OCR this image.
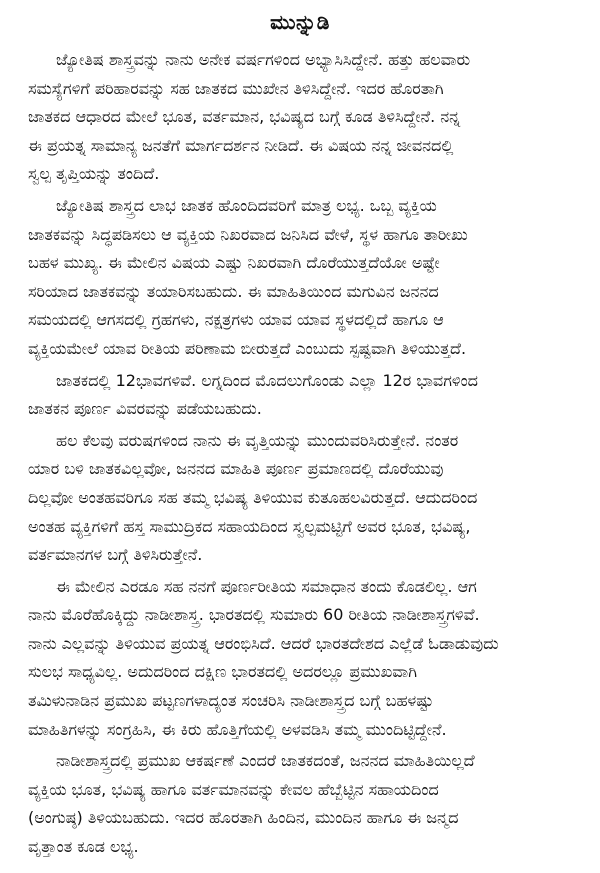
ಮುನ್ನುಡಿ
ಜ್ಯೋತಿಷ ಶಾಸ್ತ್ರವನ್ನು ನಾನು ಅನೇಕ ವರ್ಷಗಳಿಂದ ಅಭ್ಯಾಸಿಸಿದ್ದೇನೆ. ಹತ್ತು ಹಲವಾರು
ಸಮಸ್ಯೆಗಳಿಗೆ ಪರಿಹಾರವನ್ನು ಸಹ ಜಾತಕದ ಮುಖೇನ ತಿಳಿಸಿದ್ದೇನೆ. ಇದರ ಹೊರತಾಗಿ
ಜಾತಕದ ಆಧಾರದ ಮೇಲೆ ಭೂತ, ವರ್ತಮಾನ, ಭವಿಷ್ಯದ ಬಗ್ಗೆ ಕೂಡ ತಿಳಿಸಿದ್ದೇನೆ. ನನ್ನ
ಈ ಪ್ರಯತ್ನ ಸಾಮಾನ್ಯ ಜನತೆಗೆ ಮಾರ್ಗದರ್ಶನ ನೀಡಿದೆ. ಈ ವಿಷಯ ನನ್ನ ಜೀವನದಲ್ಲಿ
ಸ್ವಲ್ಪ ತೃಪ್ತಿಯನ್ನು ತಂದಿದೆ.
ಜ್ಯೋತಿಷ ಶಾಸ್ತ್ರದ ಲಾಭ ಜಾತಕ ಹೊಂದಿದವರಿಗೆ ಮಾತ್ರ ಲಭ್ಯ. ಒಬ್ಬ ವ್ಯಕ್ತಿಯ
ಜಾತಕವನ್ನು ಸಿದ್ಧಪಡಿಸಲು ಆ ವ್ಯಕ್ತಿಯ ನಿಖರವಾದ ಜನಿಸಿದ ವೇಳೆ, ಸ್ಥಳ ಹಾಗೂ ತಾರೀಖು
ಬಹಳ ಮುಖ್ಯ. ಈ ಮೇಲಿನ ವಿಷಯ ಎಷ್ಟು ನಿಖರವಾಗಿ ದೊರೆಯುತ್ತದೆಯೋ ಅಷ್ಟೇ
ಸರಿಯಾದ ಜಾತಕವನ್ನು ತಯಾರಿಸಬಹುದು. ಈ ಮಾಹಿತಿಯಿಂದ ಮಗುವಿನ ಜನನದ
ಸಮಯದಲ್ಲಿ ಆಗಸದಲ್ಲಿ ಗ್ರಹಗಳು, ನಕ್ಷತ್ರಗಳು ಯಾವ ಯಾವ ಸ್ಥಳದಲ್ಲಿದೆ ಹಾಗೂ ಆ
ವ್ಯಕ್ತಿಯಮೇಲೆ ಯಾವ ರೀತಿಯ ಪರಿಣಾಮ ಬೀರುತ್ತದೆ ಎಂಬುದು ಸ್ಪಷ್ಟವಾಗಿ ತಿಳಿಯುತ್ತದೆ.
ಜಾತಕದಲ್ಲಿ 12ಭಾವಗಳಿವೆ. ಲಗ್ನದಿಂದ ಮೊದಲುಗೊಂಡು ಎಲ್ಲಾ 12ರ ಭಾವಗಳಿಂದ
ಜಾತಕನ ಪೂರ್ಣ ವಿವರವನ್ನು ಪಡೆಯಬಹುದು.
ಹಲ ಕೆಲವು ವರುಷಗಳಿಂದ ನಾನು ಈ ವೃತ್ತಿಯನ್ನು ಮುಂದುವರಿಸಿರುತ್ತೇನೆ. ನಂತರ
ಯಾರ ಬಳಿ ಜಾತಕವಿಲ್ಲವೋ, ಜನನದ ಮಾಹಿತಿ ಪೂರ್ಣ ಪ್ರಮಾಣದಲ್ಲಿ ದೊರೆಯುವು
ದಿಲ್ಲವೋ ಅಂತಹವರಿಗೂ ಸಹ ತಮ್ಮ ಭವಿಷ್ಯ ತಿಳಿಯುವ ಕುತೂಹಲವಿರುತ್ತದೆ. ಆದುದರಿಂದ
ಅಂತಹ ವ್ಯಕ್ತಿಗಳಿಗೆ ಹಸ್ತ ಸಾಮುದ್ರಿಕದ ಸಹಾಯದಿಂದ ಸ್ವಲ್ಪಮಟ್ಟಿಗೆ ಅವರ ಭೂತ, ಭವಿಷ್ಯ,
ವರ್ತಮಾನಗಳ ಬಗ್ಗೆ ತಿಳಿಸಿರುತ್ತೇನೆ.
ಈ ಮೇಲಿನ ಎರಡೂ ಸಹ ನನಗೆ ಪೂರ್ಣರೀತಿಯ ಸಮಾಧಾನ ತಂದು ಕೊಡಲಿಲ್ಲ. ಆಗ
ನಾನು ಮೊರೆಹೊಕ್ಕಿದ್ದು ನಾಡೀಶಾಸ್ತ್ರ. ಭಾರತದಲ್ಲಿ ಸುಮಾರು 60 ರೀತಿಯ ನಾಡೀಶಾಸ್ತ್ರಗಳಿವೆ.
ನಾನು ಎಲ್ಲವನ್ನು ತಿಳಿಯುವ ಪ್ರಯತ್ನ ಆರಂಭಿಸಿದೆ. ಆದರೆ ಭಾರತದೇಶದ ಎಲ್ಲೆಡೆ ಓಡಾಡುವುದು
ಸುಲಭ ಸಾಧ್ಯವಿಲ್ಲ. ಅದುದರಿಂದ ದಕ್ಷಿಣ ಭಾರತದಲ್ಲಿ ಅದರಲ್ಲೂ ಪ್ರಮುಖವಾಗಿ
ತಮಿಳುನಾಡಿನ ಪ್ರಮುಖ ಪಟ್ಟಣಗಳಾದ್ಯಂತ ಸಂಚರಿಸಿ ನಾಡೀಶಾಸ್ತ್ರದ ಬಗ್ಗೆ ಬಹಳಷ್ಟು
ಮಾಹಿತಿಗಳನ್ನು ಸಂಗ್ರಹಿಸಿ, ಈ ಕಿರು ಹೊತ್ತಿಗೆಯಲ್ಲಿ ಅಳವಡಿಸಿ ತಮ್ಮ ಮುಂದಿಟ್ಟಿದ್ದೇನೆ.
ನಾಡೀಶಾಸ್ತ್ರದಲ್ಲಿ ಪ್ರಮುಖ ಆಕರ್ಷಣೆ ಎಂದರೆ ಜಾತಕದಂತೆ, ಜನನದ ಮಾಹಿತಿಯಿಲ್ಲದೆ
ವ್ಯಕ್ತಿಯ ಭೂತ, ಭವಿಷ್ಯ ಹಾಗೂ ವರ್ತಮಾನವನ್ನು ಕೇವಲ ಹೆಬ್ಬೆಟ್ಟಿನ ಸಹಾಯದಿಂದ
(ಅಂಗುಷ್ಠ) ತಿಳಿಯಬಹುದು. ಇದರ ಹೊರತಾಗಿ ಹಿಂದಿನ, ಮುಂದಿನ ಹಾಗೂ ಈ ಜನ್ಮದ
ವೃತ್ತಾಂತ ಕೂಡ ಲಭ್ಯ.
